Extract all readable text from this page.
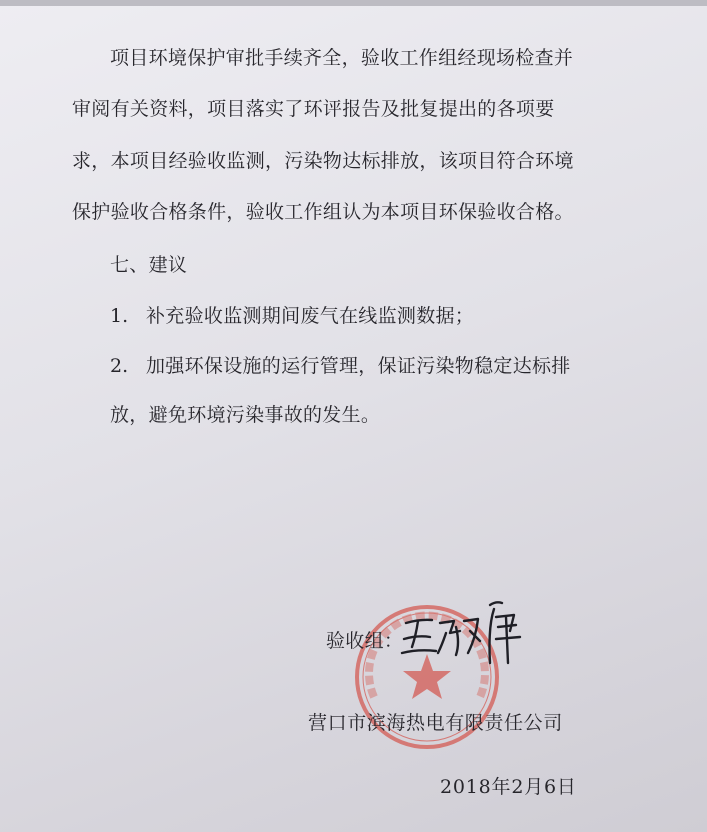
项目环境保护审批手续齐全，验收工作组经现场检查并
审阅有关资料，项目落实了环评报告及批复提出的各项要
求，本项目经验收监测，污染物达标排放，该项目符合环境
保护验收合格条件，验收工作组认为本项目环保验收合格。
七、建议
1. 补充验收监测期间废气在线监测数据；
2. 加强环保设施的运行管理，保证污染物稳定达标排
放，避免环境污染事故的发生。
验收组：
营口市滨海热电有限责任公司
2018年2月6日
